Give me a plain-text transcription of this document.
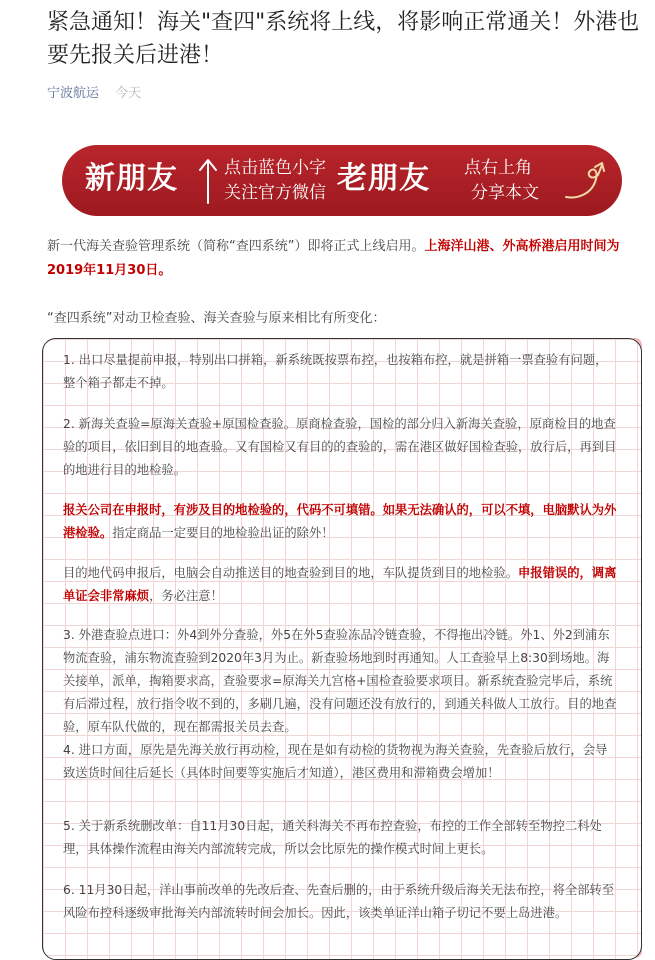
紧急通知！海关"查四"系统将上线，将影响正常通关！外港也要先报关后进港！
宁波航运 今天
新朋友	点击蓝色小字
关注官方微信 老朋友 点右上角
分享本文

新一代海关查验管理系统（简称“查四系统”）即将正式上线启用。上海洋山港、外高桥港启用时间为2019年11月30日。

“查四系统”对动卫检查验、海关查验与原来相比有所变化：

1. 出口尽量提前申报，特别出口拼箱，新系统既按票布控，也按箱布控，就是拼箱一票查验有问题，整个箱子都走不掉。

2. 新海关查验=原海关查验+原国检查验。原商检查验，国检的部分归入新海关查验，原商检目的地查验的项目，依旧到目的地查验。又有国检又有目的的查验的，需在港区做好国检查验，放行后，再到目的地进行目的地检验。

报关公司在申报时，有涉及目的地检验的，代码不可填错。如果无法确认的，可以不填，电脑默认为外港检验。指定商品一定要目的地检验出证的除外！

目的地代码申报后，电脑会自动推送目的地查验到目的地，车队提货到目的地检验。申报错误的，调离单证会非常麻烦，务必注意！

3. 外港查验点进口：外4到外分查验，外5在外5查验冻品冷链查验，不得拖出冷链。外1、外2到浦东物流查验，浦东物流查验到2020年3月为止。新查验场地到时再通知。人工查验早上8:30到场地。海关接单，派单，掏箱要求高，查验要求=原海关九宫格+国检查验要求项目。新系统查验完毕后，系统有后滞过程，放行指令收不到的，多刷几遍，没有问题还没有放行的，到通关科做人工放行。目的地查验，原车队代做的，现在都需报关员去查。

4. 进口方面，原先是先海关放行再动检，现在是如有动检的货物视为海关查验，先查验后放行，会导致送货时间往后延长（具体时间要等实施后才知道），港区费用和滞箱费会增加！

5. 关于新系统删改单：自11月30日起，通关科海关不再布控查验，布控的工作全部转至物控二科处理，具体操作流程由海关内部流转完成，所以会比原先的操作模式时间上更长。

6. 11月30日起，洋山事前改单的先改后查、先查后删的，由于系统升级后海关无法布控，将全部转至风险布控科逐级审批海关内部流转时间会加长。因此，该类单证洋山箱子切记不要上岛进港。
